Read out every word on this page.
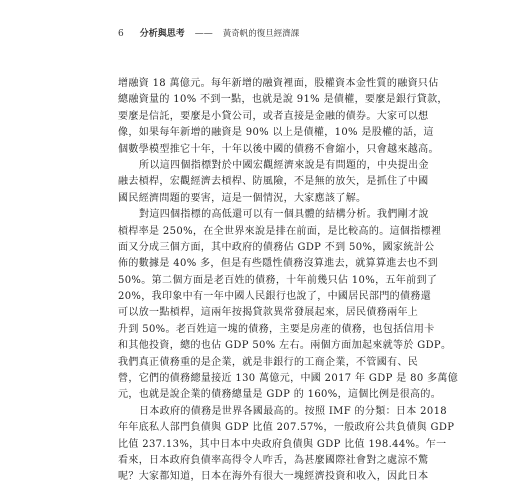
6 分析與思考 —— 黃奇帆的復旦經濟課
增融資 18 萬億元。每年新增的融資裡面，股權資本金性質的融資只佔
總融資量的 10% 不到一點，也就是說 91% 是債權，要麼是銀行貸款，
要麼是信託，要麼是小貸公司，或者直接是金融的債券。大家可以想
像，如果每年新增的融資是 90% 以上是債權，10% 是股權的話，這
個數學模型推它十年，十年以後中國的債務不會縮小，只會越來越高。
所以這四個指標對於中國宏觀經濟來說是有問題的，中央提出金
融去槓桿，宏觀經濟去槓桿、防風險，不是無的放矢，是抓住了中國
國民經濟問題的要害，這是一個情況，大家應該了解。
對這四個指標的高低還可以有一個具體的結構分析。我們剛才說
槓桿率是 250%，在全世界來說是排在前面，是比較高的。這個指標裡
面又分成三個方面，其中政府的債務佔 GDP 不到 50%，國家統計公
佈的數據是 40% 多，但是有些隱性債務沒算進去，就算算進去也不到
50%。第二個方面是老百姓的債務，十年前幾只佔 10%，五年前到了
20%，我印象中有一年中國人民銀行也說了，中國居民部門的債務還
可以放一點槓桿，這兩年按揭貸款異常發展起來，居民債務兩年上
升到 50%。老百姓這一塊的債務，主要是房產的債務，也包括信用卡
和其他投資，總的也佔 GDP 50% 左右。兩個方面加起來就等於 GDP。
我們真正債務重的是企業，就是非銀行的工商企業，不管國有、民
營，它們的債務總量接近 130 萬億元，中國 2017 年 GDP 是 80 多萬億
元，也就是說企業的債務總量是 GDP 的 160%，這個比例是很高的。
日本政府的債務是世界各國最高的。按照 IMF 的分類：日本 2018
年年底私人部門負債與 GDP 比值 207.57%，一般政府公共負債與 GDP
比值 237.13%，其中日本中央政府負債與 GDP 比值 198.44%。乍一
看來，日本政府負債率高得令人咋舌，為甚麼國際社會對之處涼不驚
呢？大家都知道，日本在海外有很大一塊經濟投資和收入，因此日本
